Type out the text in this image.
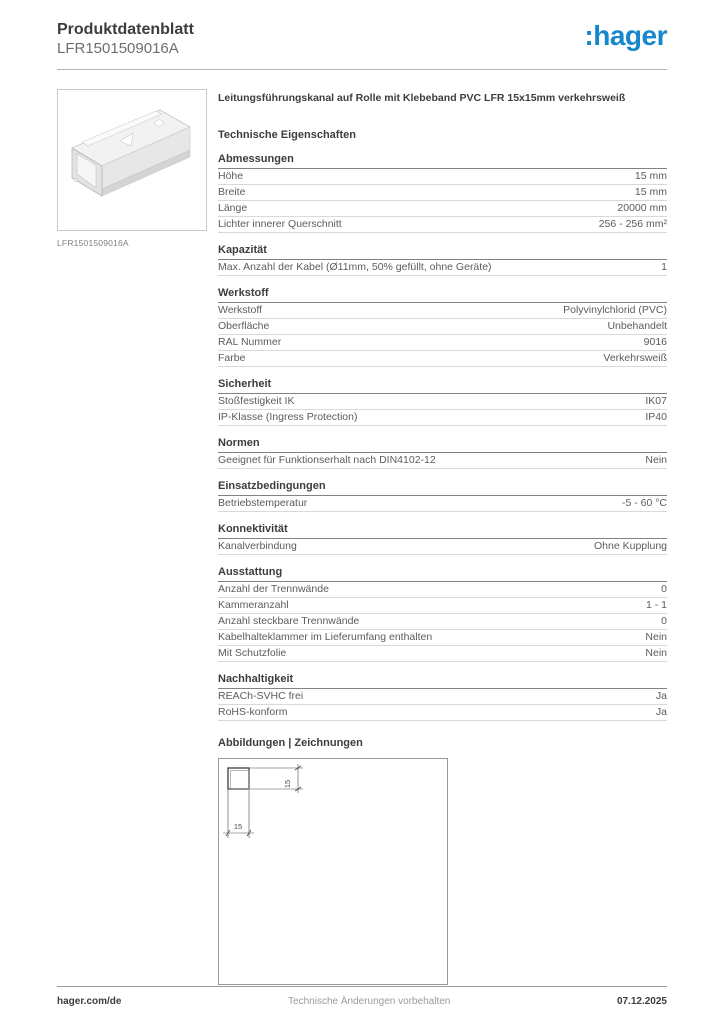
Produktdatenblatt
LFR1501509016A	:hager
LFR1501509016A
Leitungsführungskanal auf Rolle mit Klebeband PVC LFR 15x15mm verkehrsweiß
Technische Eigenschaften
Abmessungen
Höhe	15 mm
Breite	15 mm
Länge	20000 mm
Lichter innerer Querschnitt	256 - 256 mm²
Kapazität
Max. Anzahl der Kabel (Ø11mm, 50% gefüllt, ohne Geräte)	1
Werkstoff
Werkstoff	Polyvinylchlorid (PVC)
Oberfläche	Unbehandelt
RAL Nummer	9016
Farbe	Verkehrsweiß
Sicherheit
Stoßfestigkeit IK	IK07
IP-Klasse (Ingress Protection)	IP40
Normen
Geeignet für Funktionserhalt nach DIN4102-12	Nein
Einsatzbedingungen
Betriebstemperatur	-5 - 60 °C
Konnektivität
Kanalverbindung	Ohne Kupplung
Ausstattung
Anzahl der Trennwände	0
Kammeranzahl	1 - 1
Anzahl steckbare Trennwände	0
Kabelhalteklammer im Lieferumfang enthalten	Nein
Mit Schutzfolie	Nein
Nachhaltigkeit
REACh-SVHC frei	Ja
RoHS-konform	Ja
Abbildungen | Zeichnungen
15
15
hager.com/de	Technische Änderungen vorbehalten	07.12.2025
